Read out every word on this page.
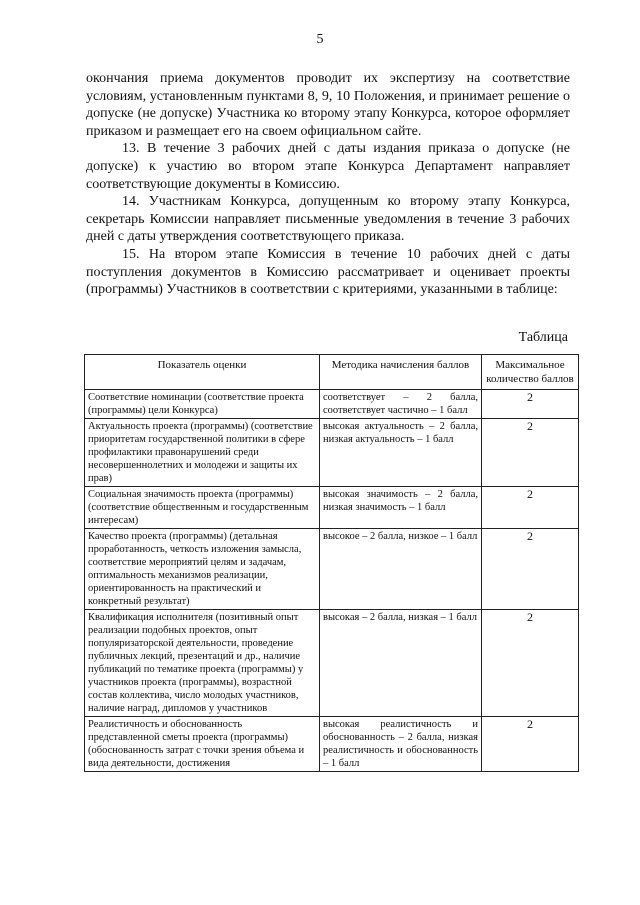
5

окончания приема документов проводит их экспертизу на соответствие условиям, установленным пунктами 8, 9, 10 Положения, и принимает решение о допуске (не допуске) Участника ко второму этапу Конкурса, которое оформляет приказом и размещает его на своем официальном сайте.

13. В течение 3 рабочих дней с даты издания приказа о допуске (не допуске) к участию во втором этапе Конкурса Департамент направляет соответствующие документы в Комиссию.

14. Участникам Конкурса, допущенным ко второму этапу Конкурса, секретарь Комиссии направляет письменные уведомления в течение 3 рабочих дней с даты утверждения соответствующего приказа.

15. На втором этапе Комиссия в течение 10 рабочих дней с даты поступления документов в Комиссию рассматривает и оценивает проекты (программы) Участников в соответствии с критериями, указанными в таблице:

Таблица
Показатель оценки	Методика начисления баллов	Максимальное количество баллов
Соответствие номинации (соответствие проекта (программы) цели Конкурса)	соответствует – 2 балла, соответствует частично – 1 балл	2
Актуальность проекта (программы) (соответствие приоритетам государственной политики в сфере профилактики правонарушений среди несовершеннолетних и молодежи и защиты их прав)	высокая актуальность – 2 балла, низкая актуальность – 1 балл	2
Социальная значимость проекта (программы) (соответствие общественным и государственным интересам)	высокая значимость – 2 балла, низкая значимость – 1 балл	2
Качество проекта (программы) (детальная проработанность, четкость изложения замысла, соответствие мероприятий целям и задачам, оптимальность механизмов реализации, ориентированность на практический и конкретный результат)	высокое – 2 балла, низкое – 1 балл	2
Квалификация исполнителя (позитивный опыт реализации подобных проектов, опыт популяризаторской деятельности, проведение публичных лекций, презентаций и др., наличие публикаций по тематике проекта (программы) у участников проекта (программы), возрастной состав коллектива, число молодых участников, наличие наград, дипломов у участников	высокая – 2 балла, низкая – 1 балл	2
Реалистичность и обоснованность представленной сметы проекта (программы) (обоснованность затрат с точки зрения объема и вида деятельности, достижения	высокая реалистичность и обоснованность – 2 балла, низкая реалистичность и обоснованность – 1 балл	2
